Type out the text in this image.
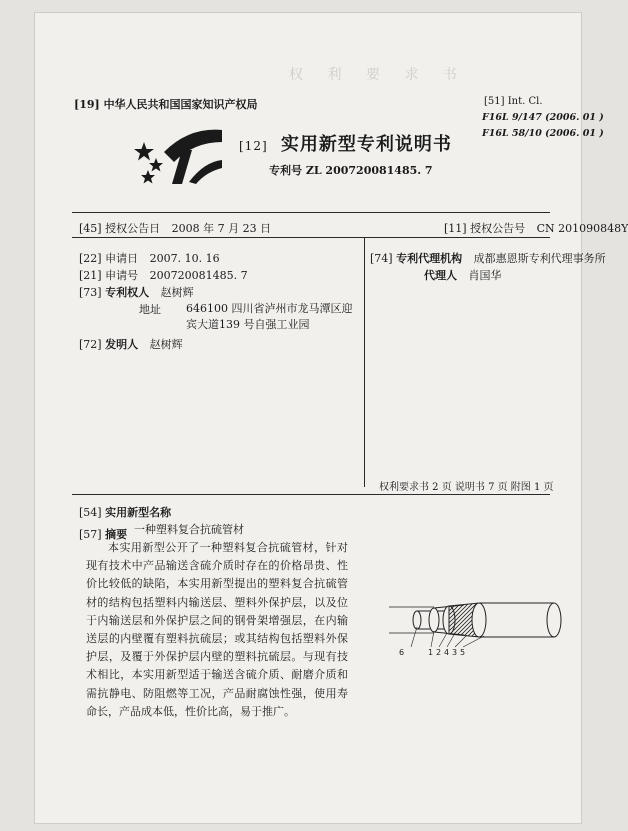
权 利 要 求 书
[19] 中华人民共和国国家知识产权局	[51] Int. Cl.
F16L 9/147 (2006. 01 )
F16L 58/10 (2006. 01 )
[12] 实用新型专利说明书
专利号 ZL 200720081485. 7
[45] 授权公告日 2008 年 7 月 23 日	[11] 授权公告号 CN 201090848Y
[22] 申请日 2007. 10. 16
[21] 申请号 200720081485. 7
[73] 专利权人 赵树辉
地址 646100 四川省泸州市龙马潭区迎宾大道139 号自强工业园
[72] 发明人 赵树辉
[74] 专利代理机构 成都惠恩斯专利代理事务所
代理人 肖国华
权利要求书 2 页 说明书 7 页 附图 1 页
[54] 实用新型名称
一种塑料复合抗硫管材
[57] 摘要
本实用新型公开了一种塑料复合抗硫管材，针对现有技术中产品输送含硫介质时存在的价格昂贵、性价比较低的缺陷，本实用新型提出的塑料复合抗硫管材的结构包括塑料内输送层、塑料外保护层，以及位于内输送层和外保护层之间的钢骨架增强层，在内输送层的内壁覆有塑料抗硫层；或其结构包括塑料外保护层，及覆于外保护层内壁的塑料抗硫层。与现有技术相比，本实用新型适于输送含硫介质、耐磨介质和需抗静电、防阻燃等工况，产品耐腐蚀性强，使用寿命长，产品成本低，性价比高，易于推广。
6	1 2 4 3 5
